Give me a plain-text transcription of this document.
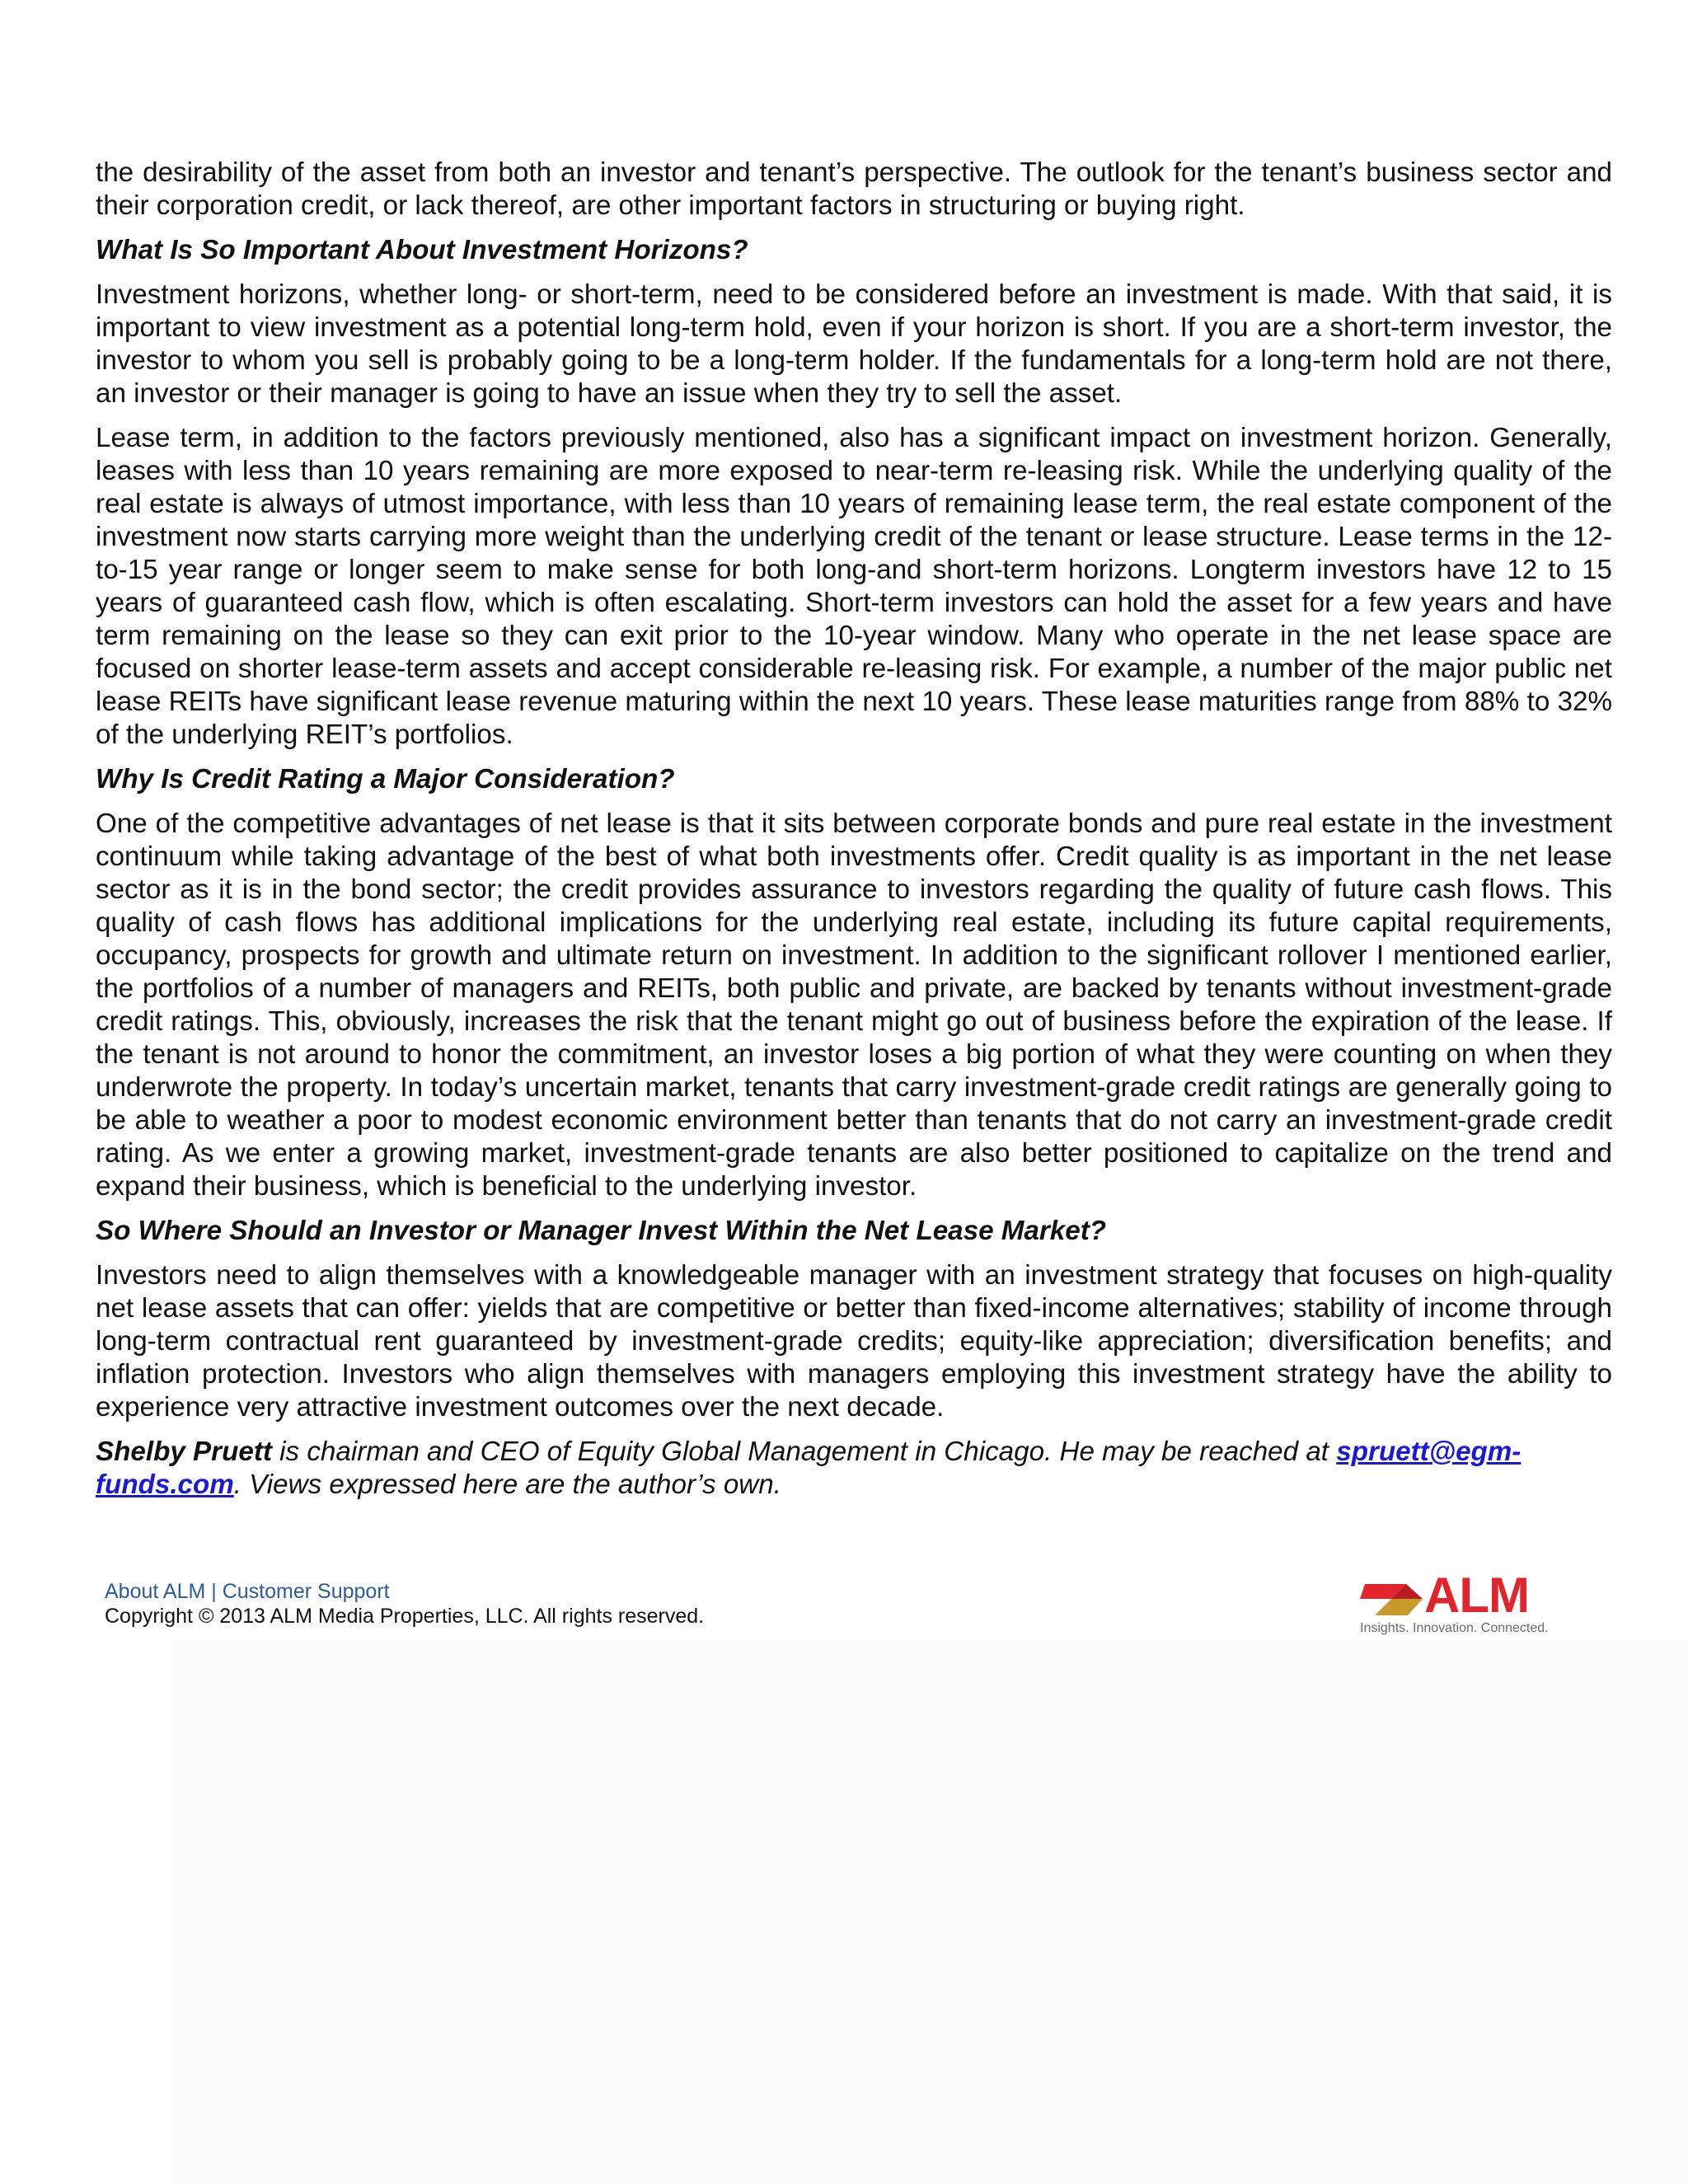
the desirability of the asset from both an investor and tenant’s perspective. The outlook for the tenant’s business sector and their corporation credit, or lack thereof, are other important factors in structuring or buying right.

What Is So Important About Investment Horizons?

Investment horizons, whether long- or short-term, need to be considered before an investment is made. With that said, it is important to view investment as a potential long-term hold, even if your horizon is short. If you are a short-term investor, the investor to whom you sell is probably going to be a long-term holder. If the fundamentals for a long-term hold are not there, an investor or their manager is going to have an issue when they try to sell the asset.

Lease term, in addition to the factors previously mentioned, also has a significant impact on investment horizon. Generally, leases with less than 10 years remaining are more exposed to near-term re-leasing risk. While the underlying quality of the real estate is always of utmost importance, with less than 10 years of remaining lease term, the real estate component of the investment now starts carrying more weight than the underlying credit of the tenant or lease structure. Lease terms in the 12-to-15 year range or longer seem to make sense for both long-and short-term horizons. Longterm investors have 12 to 15 years of guaranteed cash flow, which is often escalating. Short-term investors can hold the asset for a few years and have term remaining on the lease so they can exit prior to the 10-year window. Many who operate in the net lease space are focused on shorter lease-term assets and accept considerable re-leasing risk. For example, a number of the major public net lease REITs have significant lease revenue maturing within the next 10 years. These lease maturities range from 88% to 32% of the underlying REIT’s portfolios.

Why Is Credit Rating a Major Consideration?

One of the competitive advantages of net lease is that it sits between corporate bonds and pure real estate in the investment continuum while taking advantage of the best of what both investments offer. Credit quality is as important in the net lease sector as it is in the bond sector; the credit provides assurance to investors regarding the quality of future cash flows. This quality of cash flows has additional implications for the underlying real estate, including its future capital requirements, occupancy, prospects for growth and ultimate return on investment. In addition to the significant rollover I mentioned earlier, the portfolios of a number of managers and REITs, both public and private, are backed by tenants without investment-grade credit ratings. This, obviously, increases the risk that the tenant might go out of business before the expiration of the lease. If the tenant is not around to honor the commitment, an investor loses a big portion of what they were counting on when they underwrote the property. In today’s uncertain market, tenants that carry investment-grade credit ratings are generally going to be able to weather a poor to modest economic environment better than tenants that do not carry an investment-grade credit rating. As we enter a growing market, investment-grade tenants are also better positioned to capitalize on the trend and expand their business, which is beneficial to the underlying investor.

So Where Should an Investor or Manager Invest Within the Net Lease Market?

Investors need to align themselves with a knowledgeable manager with an investment strategy that focuses on high-quality net lease assets that can offer: yields that are competitive or better than fixed-income alternatives; stability of income through long-term contractual rent guaranteed by investment-grade credits; equity-like appreciation; diversification benefits; and inflation protection. Investors who align themselves with managers employing this investment strategy have the ability to experience very attractive investment outcomes over the next decade.

Shelby Pruett is chairman and CEO of Equity Global Management in Chicago. He may be reached at spruett@egm-funds.com. Views expressed here are the author’s own.

About ALM | Customer Support
Copyright © 2013 ALM Media Properties, LLC. All rights reserved.	ALM
Insights. Innovation. Connected.
